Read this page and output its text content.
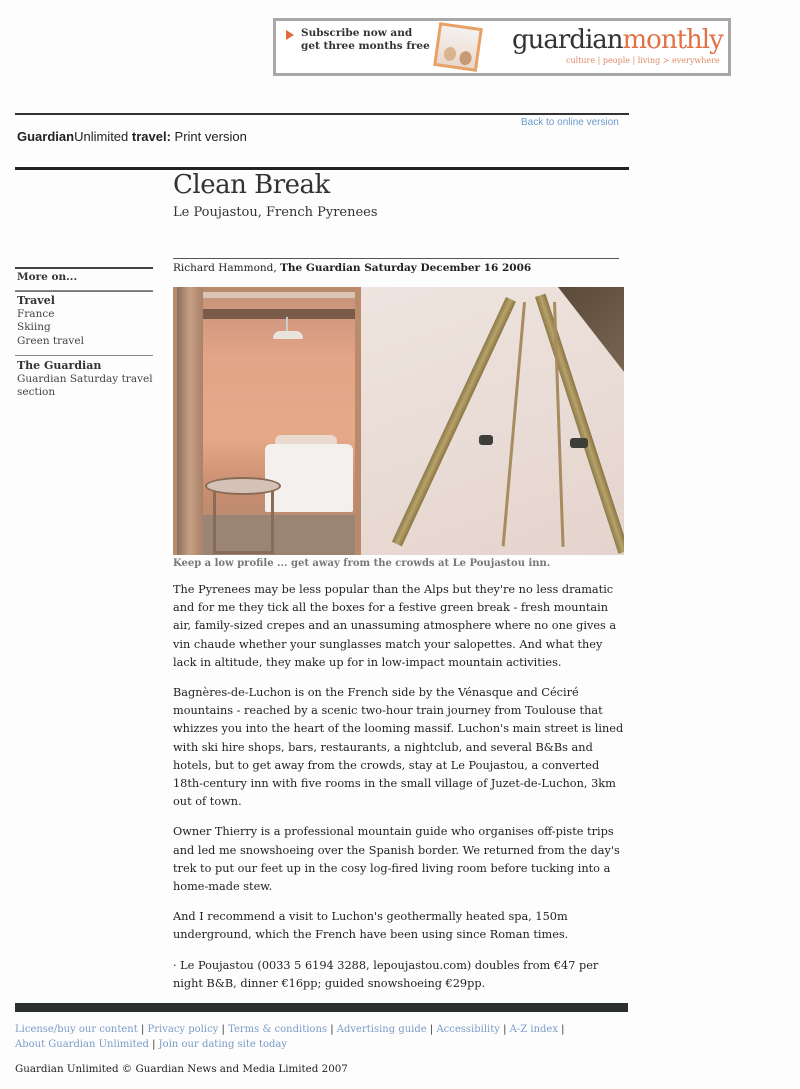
Subscribe now and get three months free	guardianmonthly
culture | people | living > everywhere
Back to online version
GuardianUnlimited travel: Print version
Clean Break
Le Poujastou, French Pyrenees
Richard Hammond, The Guardian Saturday December 16 2006
More on...
Travel
France
Skiing
Green travel
The Guardian
Guardian Saturday travel section
Keep a low profile ... get away from the crowds at Le Poujastou inn.

The Pyrenees may be less popular than the Alps but they're no less dramatic and for me they tick all the boxes for a festive green break - fresh mountain air, family-sized crepes and an unassuming atmosphere where no one gives a vin chaude whether your sunglasses match your salopettes. And what they lack in altitude, they make up for in low-impact mountain activities.

Bagnères-de-Luchon is on the French side by the Vénasque and Céciré mountains - reached by a scenic two-hour train journey from Toulouse that whizzes you into the heart of the looming massif. Luchon's main street is lined with ski hire shops, bars, restaurants, a nightclub, and several B&Bs and hotels, but to get away from the crowds, stay at Le Poujastou, a converted 18th-century inn with five rooms in the small village of Juzet-de-Luchon, 3km out of town.

Owner Thierry is a professional mountain guide who organises off-piste trips and led me snowshoeing over the Spanish border. We returned from the day's trek to put our feet up in the cosy log-fired living room before tucking into a home-made stew.

And I recommend a visit to Luchon's geothermally heated spa, 150m underground, which the French have been using since Roman times.

· Le Poujastou (0033 5 6194 3288, lepoujastou.com) doubles from €47 per night B&B, dinner €16pp; guided snowshoeing €29pp.

License/buy our content | Privacy policy | Terms & conditions | Advertising guide | Accessibility | A-Z index |
About Guardian Unlimited | Join our dating site today
Guardian Unlimited © Guardian News and Media Limited 2007
